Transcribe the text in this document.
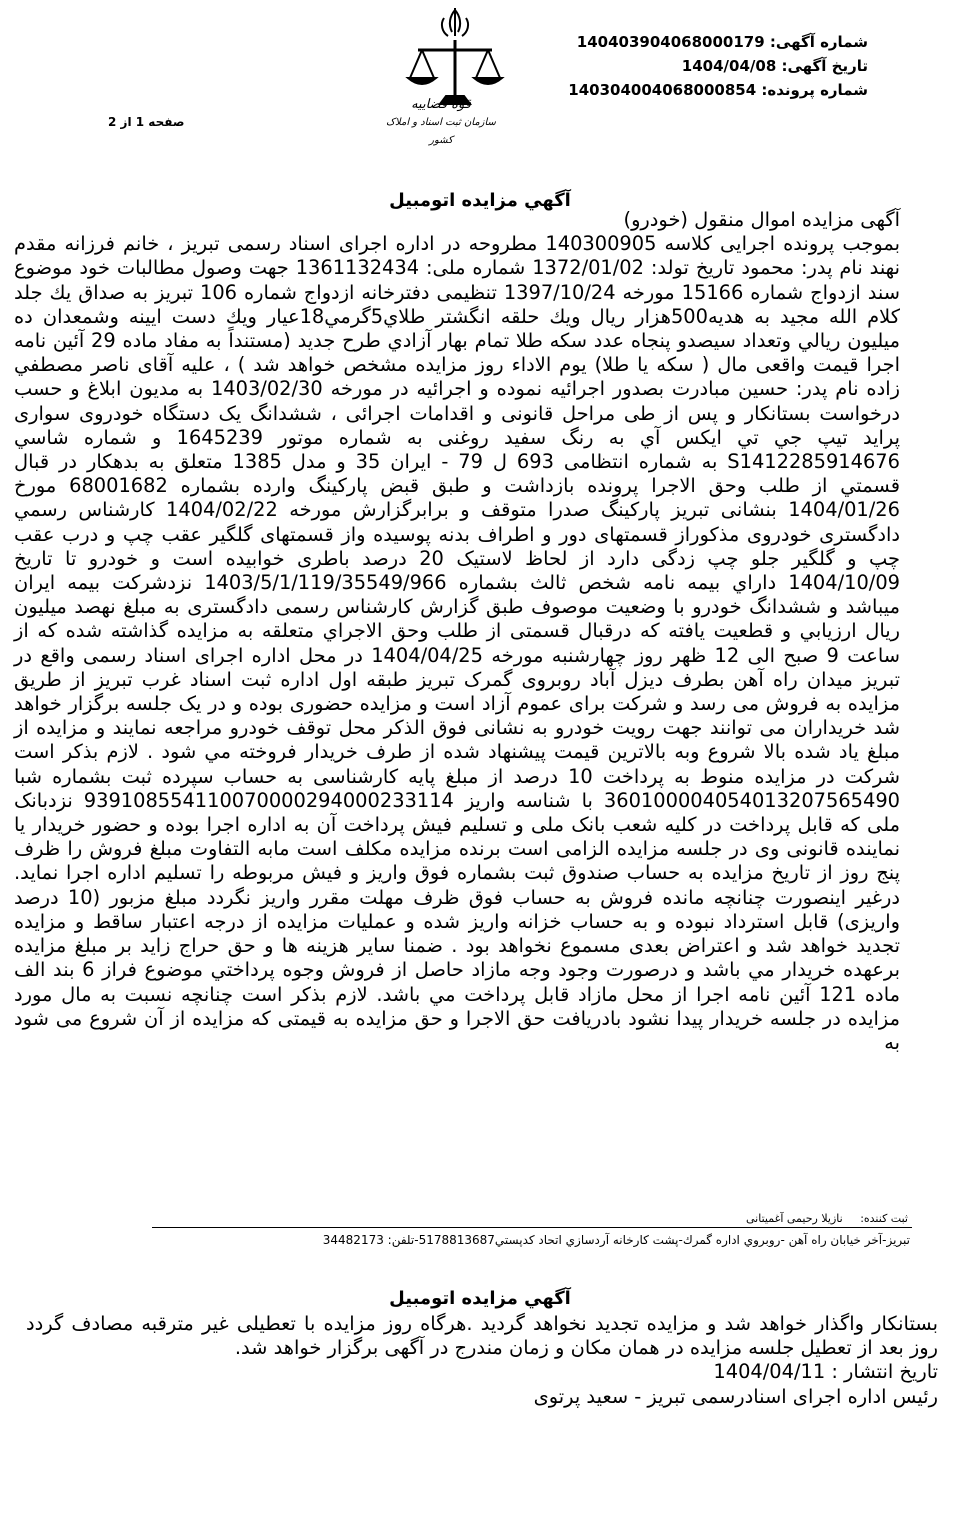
شماره آگهی: 140403904068000179
تاریخ آگهی: 1404/04/08
شماره پرونده: 140304004068000854
صفحه 1 از 2
قوه قضاییه
سازمان ثبت اسناد و املاک کشور
آگهي مزايده اتومبيل

آگهی مزایده اموال منقول (خودرو)

بموجب پرونده اجرایی کلاسه 140300905 مطروحه در اداره اجرای اسناد رسمی تبریز ، خانم فرزانه مقدم نهند نام پدر: محمود تاریخ تولد: 1372/01/02 شماره ملی: 1361132434 جهت وصول مطالبات خود موضوع سند ازدواج شماره 15166 مورخه 1397/10/24 تنظیمی دفترخانه ازدواج شماره 106 تبریز به صداق یك جلد كلام الله مجید به هدیه500هزار ريال ويك حلقه انگشتر طلاي5گرمي18عيار ويك دست ايينه وشمعدان ده ميليون ريالي وتعداد سيصدو پنجاه عدد سكه طلا تمام بهار آزادي طرح جديد (مستنداً به مفاد ماده 29 آئین نامه اجرا قیمت واقعی مال ( سکه یا طلا) یوم الاداء روز مزایده مشخص خواهد شد ) ، علیه آقای ناصر مصطفي زاده نام پدر: حسين مبادرت بصدور اجرائیه نموده و اجرائیه در مورخه 1403/02/30 به مدیون ابلاغ و حسب درخواست بستانکار و پس از طی مراحل قانونی و اقدامات اجرائی ، ششدانگ یک دستگاه خودروی سواری پراید تیپ جي تي ايكس آي به رنگ سفيد روغنی به شماره موتور 1645239 و شماره شاسي S1412285914676 به شماره انتظامی 693 ل 79 - ایران 35 و مدل 1385 متعلق به بدهکار در قبال قسمتي از طلب وحق الاجرا پرونده بازداشت و طبق قبض پارکینگ وارده بشماره 68001682 مورخ 1404/01/26 بنشانی تبریز پارکینگ صدرا متوقف و برابرگزارش مورخه 1404/02/22 کارشناس رسمي دادگستری خودروی مذکوراز قسمتهای دور و اطراف بدنه پوسيده واز قسمتهای گلگیر عقب چپ و درب عقب چپ و گلگير جلو چپ زدگی دارد از لحاظ لاستیک 20 درصد باطری خوابیده است و خودرو تا تاریخ 1404/10/09 داراي بیمه نامه شخص ثالث بشماره 1403/5/1/119/35549/966 نزدشرکت بیمه ایران میباشد و ششدانگ خودرو با وضعیت موصوف طبق گزارش کارشناس رسمی دادگستری به مبلغ نهصد میلیون ریال ارزيابي و قطعيت يافته که درقبال قسمتی از طلب وحق الاجراي متعلقه به مزایده گذاشته شده که از ساعت 9 صبح الی 12 ظهر روز چهارشنبه مورخه 1404/04/25 در محل اداره اجرای اسناد رسمی واقع در تبریز میدان راه آهن بطرف دیزل آباد روبروی گمرک تبریز طبقه اول اداره ثبت اسناد غرب تبریز از طريق مزایده به فروش می رسد و شرکت برای عموم آزاد است و مزایده حضوری بوده و در یک جلسه برگزار خواهد شد خریداران می توانند جهت رويت خودرو به نشانی فوق الذکر محل توقف خودرو مراجعه نمایند و مزایده از مبلغ یاد شده بالا شروع وبه بالاترین قیمت پیشنهاد شده از طرف خریدار فروخته مي شود . لازم بذکر است شرکت در مزایده منوط به پرداخت 10 درصد از مبلغ پایه کارشناسی به حساب سپرده ثبت بشماره شبا 360100004054013207565490 با شناسه واریز 939108554110070000294000233114 نزدبانک ملی که قابل پرداخت در کلیه شعب بانک ملی و تسلیم فیش پرداخت آن به اداره اجرا بوده و حضور خریدار یا نماینده قانونی وی در جلسه مزایده الزامی است برنده مزایده مکلف است مابه التفاوت مبلغ فروش را ظرف پنج روز از تاریخ مزایده به حساب صندوق ثبت بشماره فوق واریز و فیش مربوطه را تسلیم اداره اجرا نماید. درغیر اینصورت چنانچه مانده فروش به حساب فوق ظرف مهلت مقرر واریز نگردد مبلغ مزبور (10 درصد واریزی) قابل استرداد نبوده و به حساب خزانه واریز شده و عملیات مزایده از درجه اعتبار ساقط و مزایده تجدید خواهد شد و اعتراض بعدی مسموع نخواهد بود . ضمنا سایر هزینه ها و حق حراج زاید بر مبلغ مزایده برعهده خریدار مي باشد و درصورت وجود وجه مازاد حاصل از فروش وجوه پرداختي موضوع فراز 6 بند الف ماده 121 آئین نامه اجرا از محل مازاد قابل پرداخت مي باشد. لازم بذکر است چنانچه نسبت به مال مورد مزایده در جلسه خریدار پیدا نشود بادریافت حق الاجرا و حق مزایده به قیمتی که مزایده از آن شروع می شود به

ثبت کننده: نازیلا رحیمی آغمیتانی
تبريز-آخر خيابان راه آهن -روبروي اداره گمرك-پشت كارخانه آردسازي اتحاد كدپستي5178813687-تلفن: 34482173
آگهي مزايده اتومبيل

بستانکار واگذار خواهد شد و مزایده تجدید نخواهد گردید .هرگاه روز مزایده با تعطیلی غیر مترقبه مصادف گردد روز بعد از تعطیل جلسه مزایده در همان مکان و زمان مندرج در آگهی برگزار خواهد شد.

تاریخ انتشار : 1404/04/11

رئیس اداره اجرای اسنادرسمی تبریز - سعید پرتوی
